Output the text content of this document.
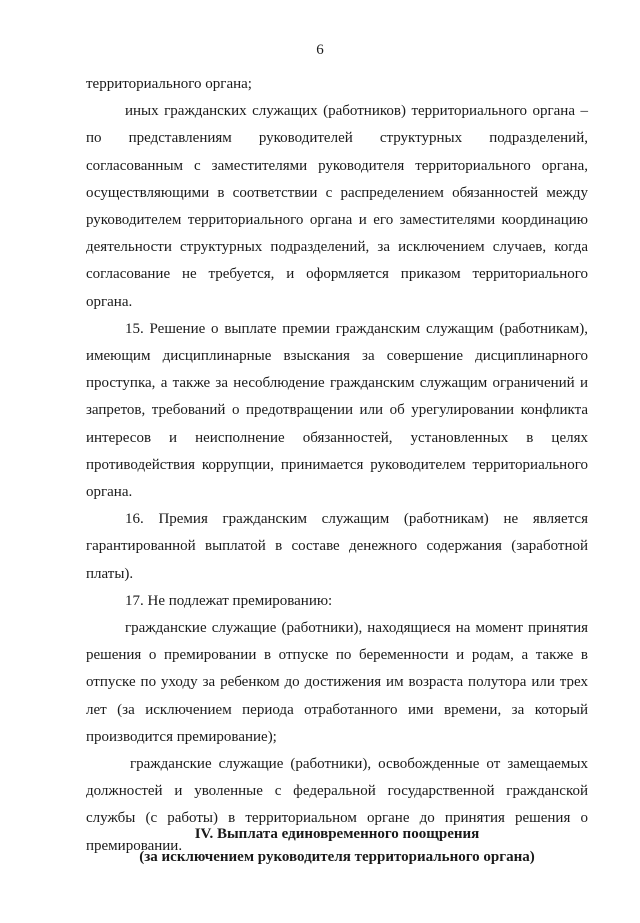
6

территориального органа;

иных гражданских служащих (работников) территориального органа – по представлениям руководителей структурных подразделений, согласованным с заместителями руководителя территориального органа, осуществляющими в соответствии с распределением обязанностей между руководителем территориального органа и его заместителями координацию деятельности структурных подразделений, за исключением случаев, когда согласование не требуется, и оформляется приказом территориального органа.

15. Решение о выплате премии гражданским служащим (работникам), имеющим дисциплинарные взыскания за совершение дисциплинарного проступка, а также за несоблюдение гражданским служащим ограничений и запретов, требований о предотвращении или об урегулировании конфликта интересов и неисполнение обязанностей, установленных в целях противодействия коррупции, принимается руководителем территориального органа.

16. Премия гражданским служащим (работникам) не является гарантированной выплатой в составе денежного содержания (заработной платы).

17. Не подлежат премированию:

гражданские служащие (работники), находящиеся на момент принятия решения о премировании в отпуске по беременности и родам, а также в отпуске по уходу за ребенком до достижения им возраста полутора или трех лет (за исключением периода отработанного ими времени, за который производится премирование);

гражданские служащие (работники), освобожденные от замещаемых должностей и уволенные с федеральной государственной гражданской службы (с работы) в территориальном органе до принятия решения о премировании.

IV. Выплата единовременного поощрения
(за исключением руководителя территориального органа)
